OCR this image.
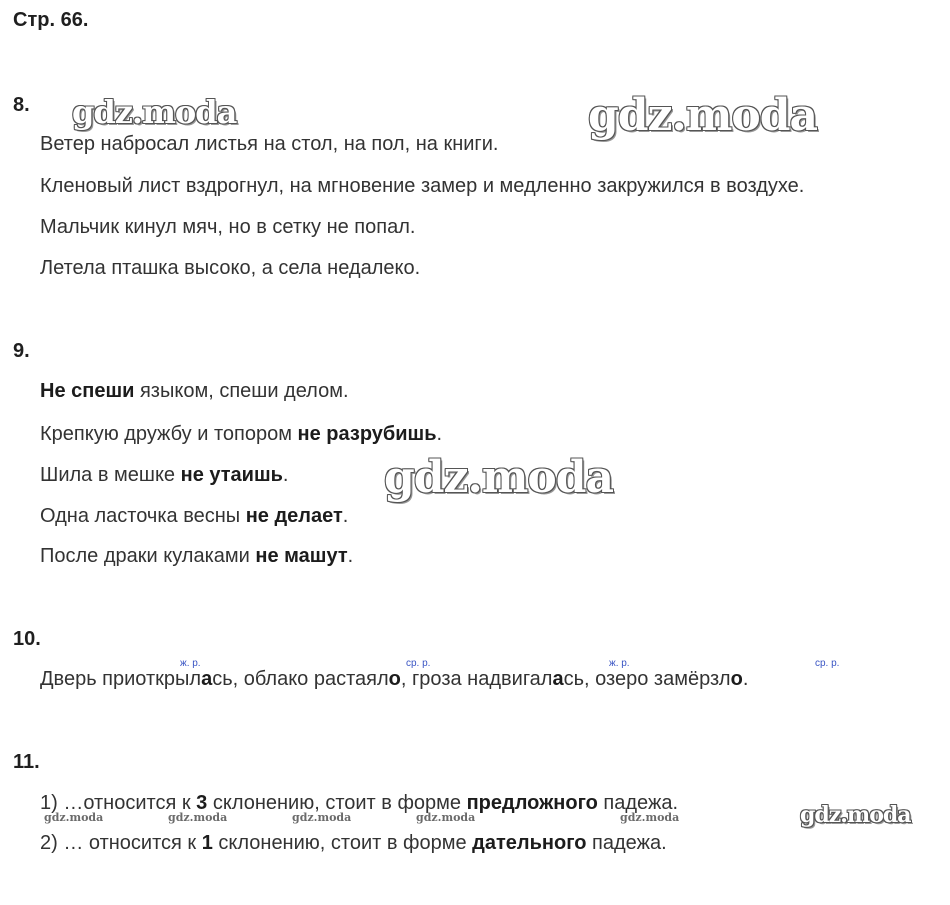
Стр. 66.
8.
Ветер набросал листья на стол, на пол, на книги.
Кленовый лист вздрогнул, на мгновение замер и медленно закружился в воздухе.
Мальчик кинул мяч, но в сетку не попал.
Летела пташка высоко, а села недалеко.
9.
Не спеши языком, спеши делом.
Крепкую дружбу и топором не разрубишь.
Шила в мешке не утаишь.
Одна ласточка весны не делает.
После драки кулаками не машут.
10.
ж. р.	ср. р.	ж. р.	ср. р.
Дверь приоткрылась, облако растаяло, гроза надвигалась, озеро замёрзло.
11.
1) …относится к 3 склонению, стоит в форме предложного падежа.
2) … относится к 1 склонению, стоит в форме дательного падежа.
gdz.moda	gdz.moda
gdz.moda
gdz.moda
gdz.moda	gdz.moda	gdz.moda	gdz.moda	gdz.moda
